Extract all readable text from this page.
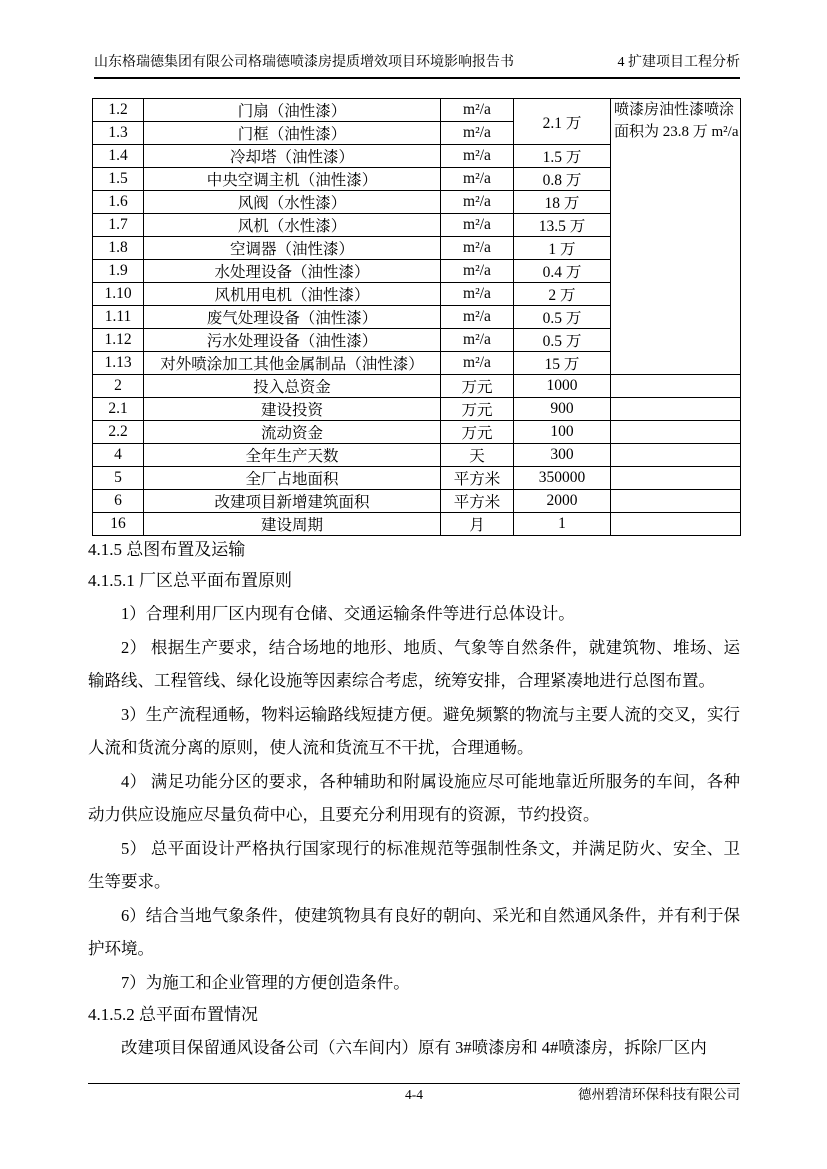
山东格瑞德集团有限公司格瑞德喷漆房提质增效项目环境影响报告书	4 扩建项目工程分析
1.2	门扇（油性漆）	m²/a	2.1 万	喷漆房油性漆喷涂面积为 23.8 万 m²/a
1.3	门框（油性漆）	m²/a		
1.4	冷却塔（油性漆）	m²/a	1.5 万	
1.5	中央空调主机（油性漆）	m²/a	0.8 万	
1.6	风阀（水性漆）	m²/a	18 万	
1.7	风机（水性漆）	m²/a	13.5 万	
1.8	空调器（油性漆）	m²/a	1 万	
1.9	水处理设备（油性漆）	m²/a	0.4 万	
1.10	风机用电机（油性漆）	m²/a	2 万	
1.11	废气处理设备（油性漆）	m²/a	0.5 万	
1.12	污水处理设备（油性漆）	m²/a	0.5 万	
1.13	对外喷涂加工其他金属制品（油性漆）	m²/a	15 万	
2	投入总资金	万元	1000	
2.1	建设投资	万元	900	
2.2	流动资金	万元	100	
4	全年生产天数	天	300	
5	全厂占地面积	平方米	350000	
6	改建项目新增建筑面积	平方米	2000	
16	建设周期	月	1	
4.1.5 总图布置及运输
4.1.5.1 厂区总平面布置原则

1）合理利用厂区内现有仓储、交通运输条件等进行总体设计。

2） 根据生产要求，结合场地的地形、地质、气象等自然条件，就建筑物、堆场、运输路线、工程管线、绿化设施等因素综合考虑，统筹安排，合理紧凑地进行总图布置。

3）生产流程通畅，物料运输路线短捷方便。避免频繁的物流与主要人流的交叉，实行人流和货流分离的原则，使人流和货流互不干扰，合理通畅。

4） 满足功能分区的要求，各种辅助和附属设施应尽可能地靠近所服务的车间，各种动力供应设施应尽量负荷中心，且要充分利用现有的资源，节约投资。

5） 总平面设计严格执行国家现行的标准规范等强制性条文，并满足防火、安全、卫生等要求。

6）结合当地气象条件，使建筑物具有良好的朝向、采光和自然通风条件，并有利于保护环境。

7）为施工和企业管理的方便创造条件。

4.1.5.2 总平面布置情况

改建项目保留通风设备公司（六车间内）原有 3#喷漆房和 4#喷漆房，拆除厂区内

4-4	德州碧清环保科技有限公司
